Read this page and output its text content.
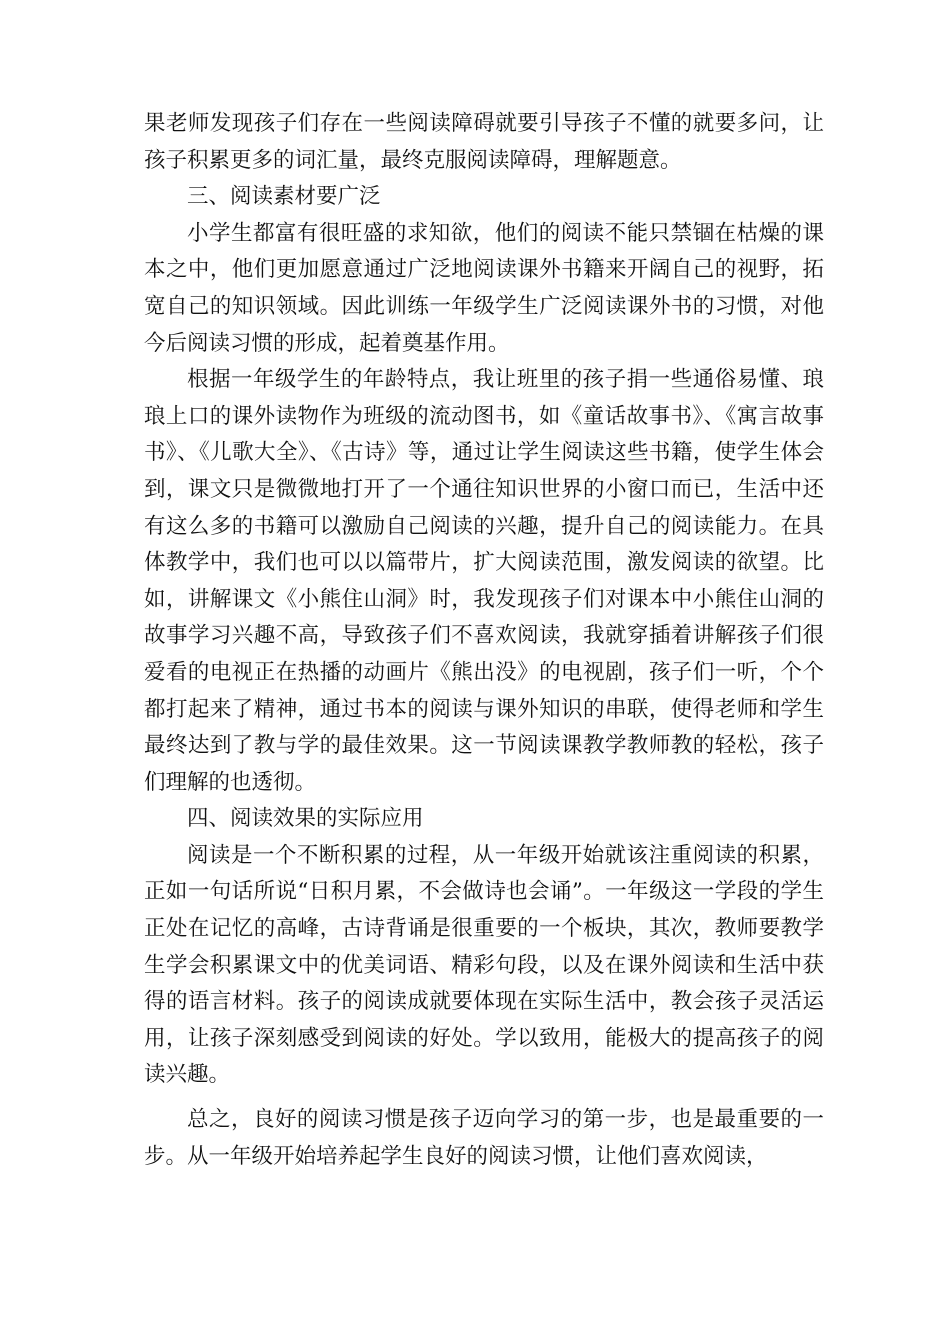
果老师发现孩子们存在一些阅读障碍就要引导孩子不懂的就要多问，让孩子积累更多的词汇量，最终克服阅读障碍，理解题意。

三、阅读素材要广泛

小学生都富有很旺盛的求知欲，他们的阅读不能只禁锢在枯燥的课本之中，他们更加愿意通过广泛地阅读课外书籍来开阔自己的视野，拓宽自己的知识领域。因此训练一年级学生广泛阅读课外书的习惯，对他今后阅读习惯的形成，起着奠基作用。

根据一年级学生的年龄特点，我让班里的孩子捐一些通俗易懂、琅琅上口的课外读物作为班级的流动图书，如《童话故事书》、《寓言故事书》、《儿歌大全》、《古诗》等，通过让学生阅读这些书籍，使学生体会到，课文只是微微地打开了一个通往知识世界的小窗口而已，生活中还有这么多的书籍可以激励自己阅读的兴趣，提升自己的阅读能力。在具体教学中，我们也可以以篇带片，扩大阅读范围，激发阅读的欲望。比如，讲解课文《小熊住山洞》时，我发现孩子们对课本中小熊住山洞的故事学习兴趣不高，导致孩子们不喜欢阅读，我就穿插着讲解孩子们很爱看的电视正在热播的动画片《熊出没》的电视剧，孩子们一听，个个都打起来了精神，通过书本的阅读与课外知识的串联，使得老师和学生最终达到了教与学的最佳效果。这一节阅读课教学教师教的轻松，孩子们理解的也透彻。

四、阅读效果的实际应用

阅读是一个不断积累的过程，从一年级开始就该注重阅读的积累，正如一句话所说“日积月累，不会做诗也会诵”。一年级这一学段的学生正处在记忆的高峰，古诗背诵是很重要的一个板块，其次，教师要教学生学会积累课文中的优美词语、精彩句段，以及在课外阅读和生活中获得的语言材料。孩子的阅读成就要体现在实际生活中，教会孩子灵活运用，让孩子深刻感受到阅读的好处。学以致用，能极大的提高孩子的阅读兴趣。

总之，良好的阅读习惯是孩子迈向学习的第一步，也是最重要的一步。从一年级开始培养起学生良好的阅读习惯，让他们喜欢阅读，
